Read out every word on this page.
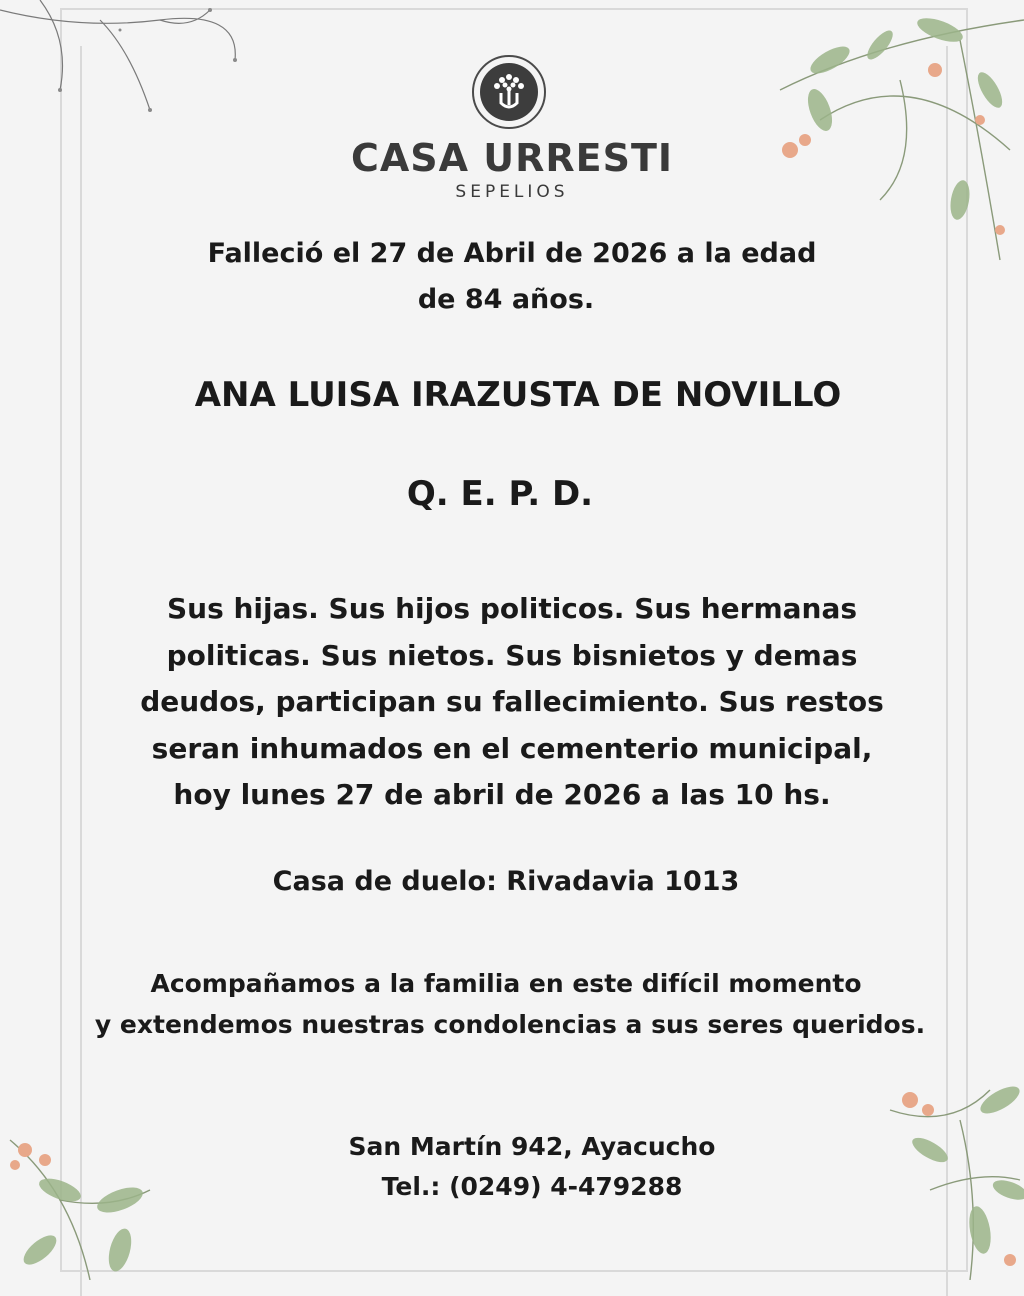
CASA URRESTI
SEPELIOS
Falleció el 27 de Abril de 2026 a la edad
de 84 años.
ANA LUISA IRAZUSTA DE NOVILLO
Q. E. P. D.
Sus hijas. Sus hijos politicos. Sus hermanas
politicas. Sus nietos. Sus bisnietos y demas
deudos, participan su fallecimiento. Sus restos
seran inhumados en el cementerio municipal,
hoy lunes 27 de abril de 2026 a las 10 hs.
Casa de duelo: Rivadavia 1013
Acompañamos a la familia en este difícil momento
y extendemos nuestras condolencias a sus seres queridos.
San Martín 942, Ayacucho
Tel.: (0249) 4-479288
